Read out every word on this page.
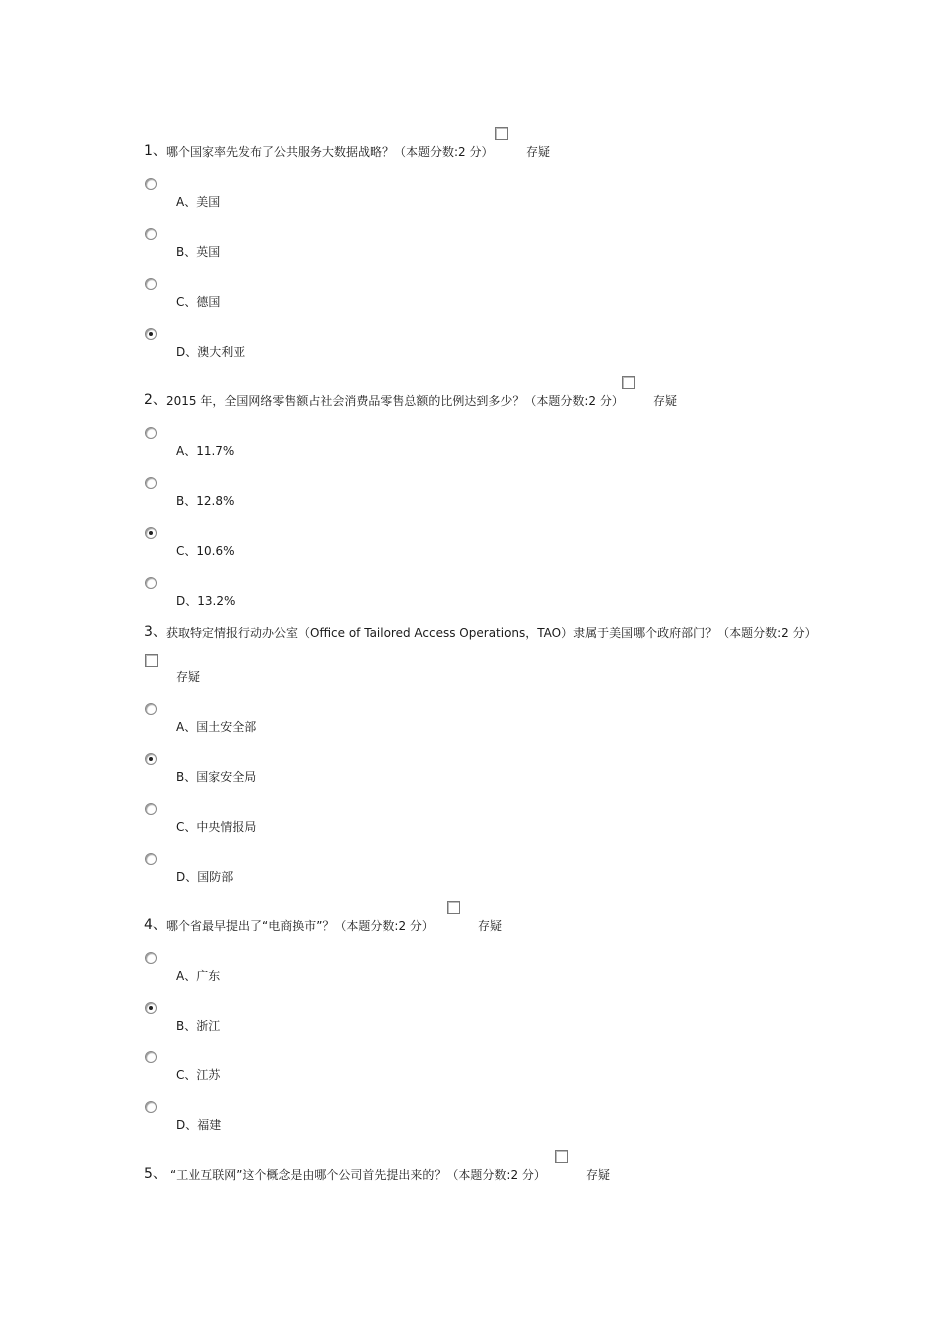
1、 哪个国家率先发布了公共服务大数据战略？（本题分数:2 分）	存疑
A、美国
B、英国
C、德国
D、澳大利亚
2、 2015 年，全国网络零售额占社会消费品零售总额的比例达到多少？（本题分数:2 分） 存疑
A、11.7%
B、12.8%
C、10.6%
D、13.2%
3、 获取特定情报行动办公室（Office of Tailored Access Operations，TAO）隶属于美国哪个政府部门？（本题分数:2 分）
存疑
A、国土安全部
B、国家安全局
C、中央情报局
D、国防部
4、 哪个省最早提出了“电商换市”？（本题分数:2 分）	存疑
A、广东
B、浙江
C、江苏
D、福建
5、 “工业互联网”这个概念是由哪个公司首先提出来的？（本题分数:2 分）	存疑
